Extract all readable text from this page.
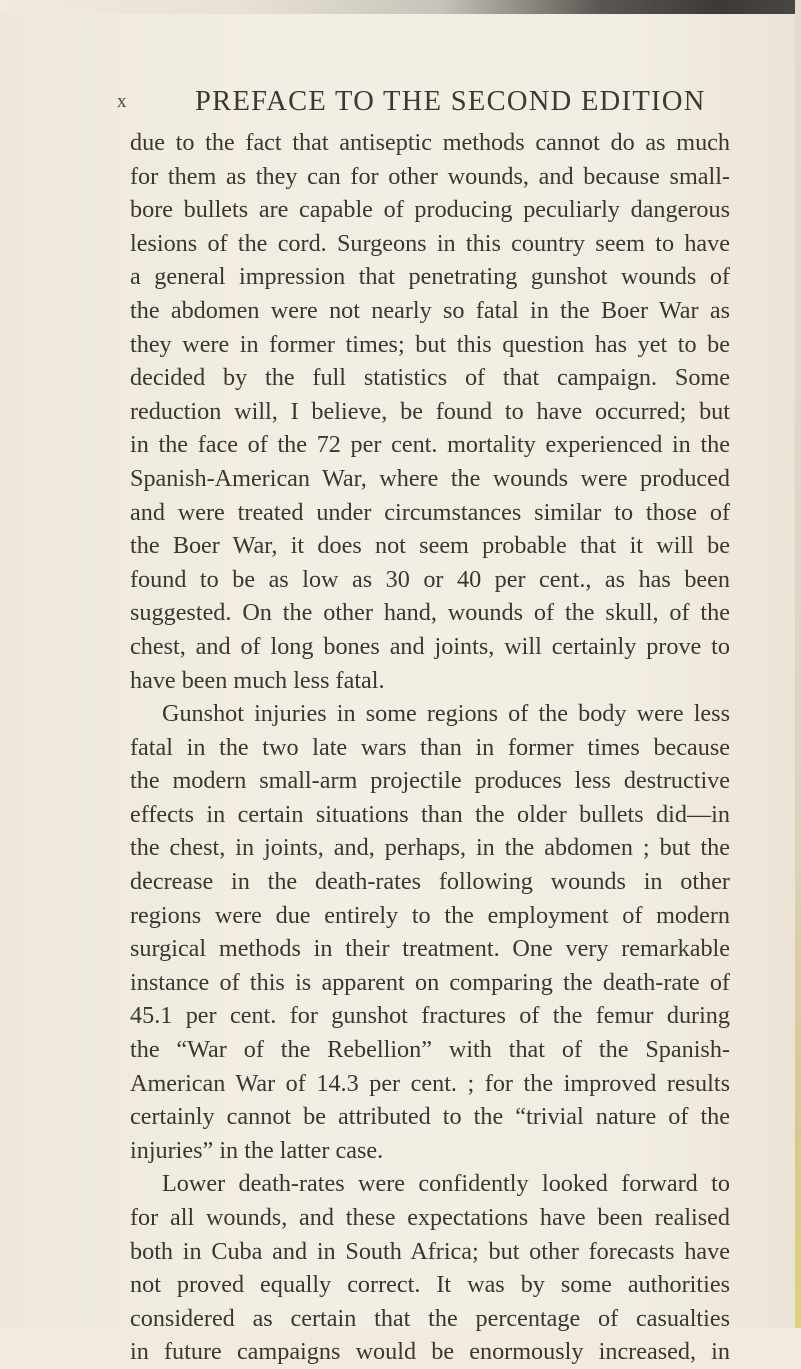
x PREFACE TO THE SECOND EDITION
due to the fact that antiseptic methods cannot do as much
for them as they can for other wounds, and because small-
bore bullets are capable of producing peculiarly dangerous
lesions of the cord. Surgeons in this country seem to have
a general impression that penetrating gunshot wounds of
the abdomen were not nearly so fatal in the Boer War as
they were in former times; but this question has yet to be
decided by the full statistics of that campaign. Some
reduction will, I believe, be found to have occurred; but
in the face of the 72 per cent. mortality experienced in the
Spanish-American War, where the wounds were produced
and were treated under circumstances similar to those of
the Boer War, it does not seem probable that it will be
found to be as low as 30 or 40 per cent., as has been
suggested. On the other hand, wounds of the skull, of the
chest, and of long bones and joints, will certainly prove to
have been much less fatal.
Gunshot injuries in some regions of the body were less
fatal in the two late wars than in former times because
the modern small-arm projectile produces less destructive
effects in certain situations than the older bullets did—in
the chest, in joints, and, perhaps, in the abdomen ; but the
decrease in the death-rates following wounds in other
regions were due entirely to the employment of modern
surgical methods in their treatment. One very remarkable
instance of this is apparent on comparing the death-rate of
45.1 per cent. for gunshot fractures of the femur during
the “War of the Rebellion” with that of the Spanish-
American War of 14.3 per cent. ; for the improved results
certainly cannot be attributed to the “trivial nature of the
injuries” in the latter case.
Lower death-rates were confidently looked forward to
for all wounds, and these expectations have been realised
both in Cuba and in South Africa; but other forecasts have
not proved equally correct. It was by some authorities
considered as certain that the percentage of casualties
in future campaigns would be enormously increased, in
